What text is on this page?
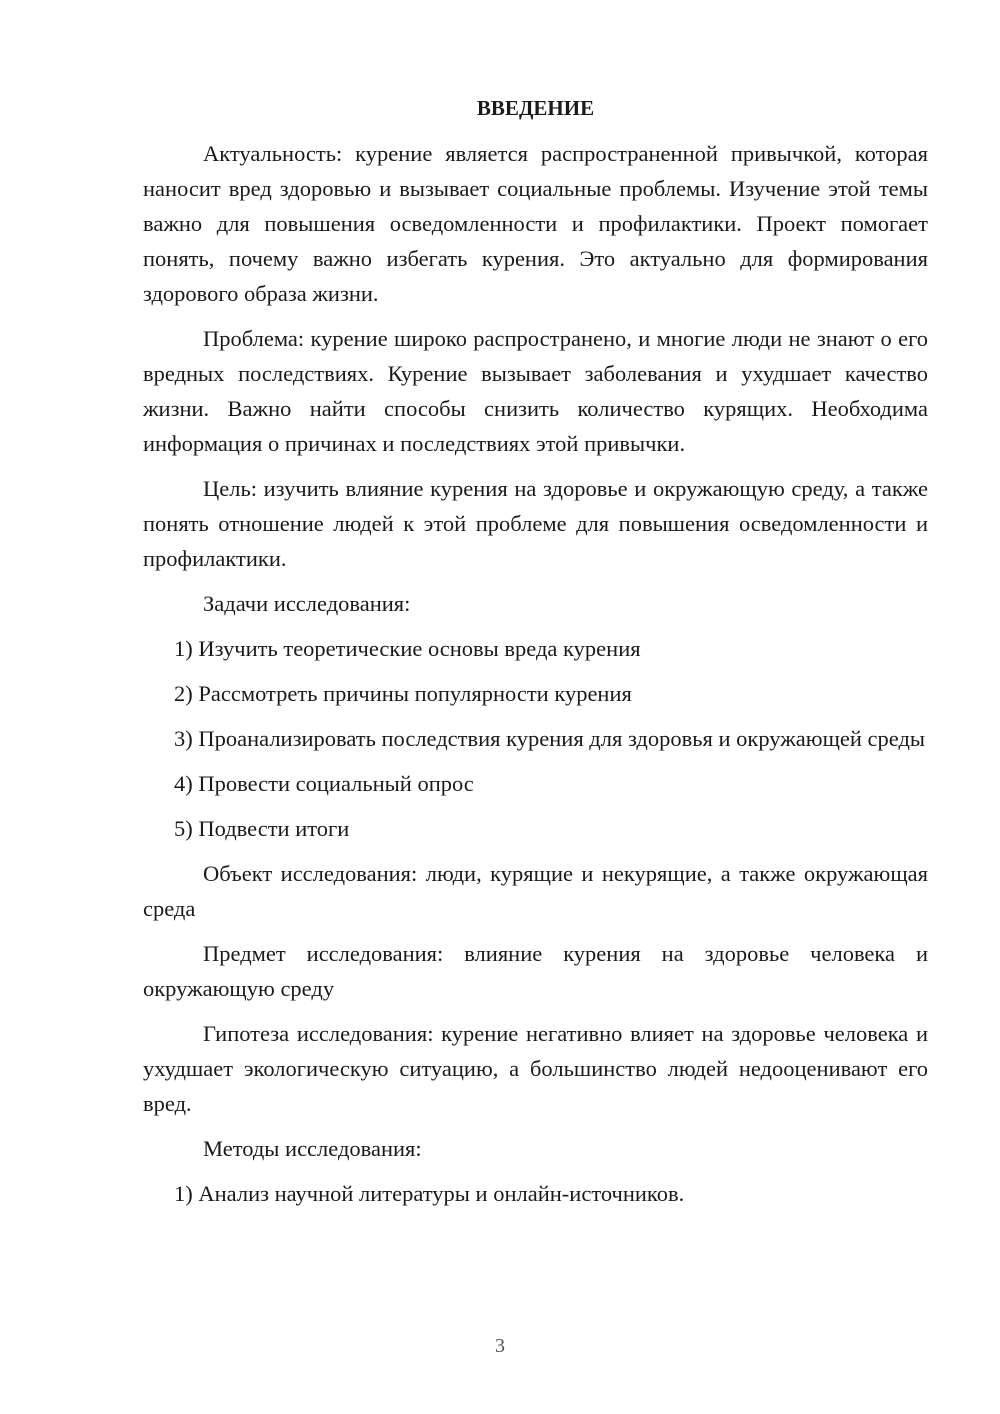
ВВЕДЕНИЕ

Актуальность: курение является распространенной привычкой, которая наносит вред здоровью и вызывает социальные проблемы. Изучение этой темы важно для повышения осведомленности и профилактики. Проект помогает понять, почему важно избегать курения. Это актуально для формирования здорового образа жизни.

Проблема: курение широко распространено, и многие люди не знают о его вредных последствиях. Курение вызывает заболевания и ухудшает качество жизни. Важно найти способы снизить количество курящих. Необходима информация о причинах и последствиях этой привычки.

Цель: изучить влияние курения на здоровье и окружающую среду, а также понять отношение людей к этой проблеме для повышения осведомленности и профилактики.

Задачи исследования:

1) Изучить теоретические основы вреда курения

2) Рассмотреть причины популярности курения

3) Проанализировать последствия курения для здоровья и окружающей среды

4) Провести социальный опрос

5) Подвести итоги

Объект исследования: люди, курящие и некурящие, а также окружающая среда

Предмет исследования: влияние курения на здоровье человека и окружающую среду

Гипотеза исследования: курение негативно влияет на здоровье человека и ухудшает экологическую ситуацию, а большинство людей недооценивают его вред.

Методы исследования:

1) Анализ научной литературы и онлайн-источников.

3
